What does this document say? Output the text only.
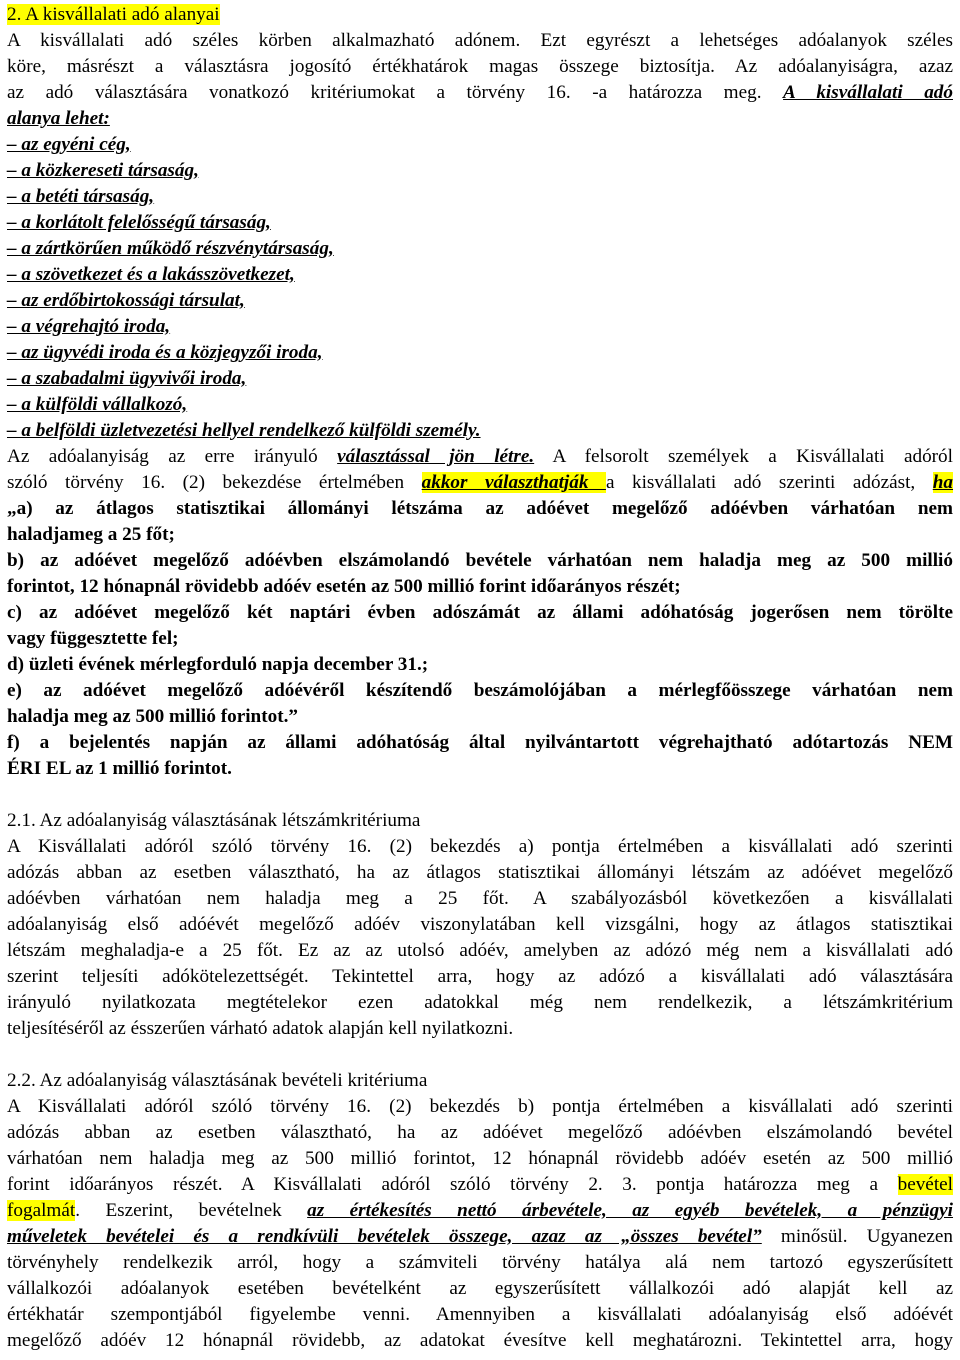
2. A kisvállalati adó alanyai

A kisvállalati adó széles körben alkalmazható adónem. Ezt egyrészt a lehetséges adóalanyok széles

köre, másrészt a választásra jogosító értékhatárok magas összege biztosítja. Az adóalanyiságra, azaz

az adó választására vonatkozó kritériumokat a törvény 16. -a határozza meg. A kisvállalati adó

alanya lehet:

– az egyéni cég,

– a közkereseti társaság,

– a betéti társaság,

– a korlátolt felelősségű társaság,

– a zártkörűen működő részvénytársaság,

– a szövetkezet és a lakásszövetkezet,

– az erdőbirtokossági társulat,

– a végrehajtó iroda,

– az ügyvédi iroda és a közjegyzői iroda,

– a szabadalmi ügyvivői iroda,

– a külföldi vállalkozó,

– a belföldi üzletvezetési hellyel rendelkező külföldi személy.

Az adóalanyiság az erre irányuló választással jön létre. A felsorolt személyek a Kisvállalati adóról

szóló törvény 16. (2) bekezdése értelmében akkor választhatják a kisvállalati adó szerinti adózást, ha

„a) az átlagos statisztikai állományi létszáma az adóévet megelőző adóévben várhatóan nem

haladjameg a 25 főt;

b) az adóévet megelőző adóévben elszámolandó bevétele várhatóan nem haladja meg az 500 millió

forintot, 12 hónapnál rövidebb adóév esetén az 500 millió forint időarányos részét;

c) az adóévet megelőző két naptári évben adószámát az állami adóhatóság jogerősen nem törölte

vagy függesztette fel;

d) üzleti évének mérlegforduló napja december 31.;

e) az adóévet megelőző adóévéről készítendő beszámolójában a mérlegfőösszege várhatóan nem

haladja meg az 500 millió forintot.”

f) a bejelentés napján az állami adóhatóság által nyilvántartott végrehajtható adótartozás NEM

ÉRI EL az 1 millió forintot.

2.1. Az adóalanyiság választásának létszámkritériuma

A Kisvállalati adóról szóló törvény 16. (2) bekezdés a) pontja értelmében a kisvállalati adó szerinti

adózás abban az esetben választható, ha az átlagos statisztikai állományi létszám az adóévet megelőző

adóévben várhatóan nem haladja meg a 25 főt. A szabályozásból következően a kisvállalati

adóalanyiság első adóévét megelőző adóév viszonylatában kell vizsgálni, hogy az átlagos statisztikai

létszám meghaladja-e a 25 főt. Ez az az utolsó adóév, amelyben az adózó még nem a kisvállalati adó

szerint teljesíti adókötelezettségét. Tekintettel arra, hogy az adózó a kisvállalati adó választására

irányuló nyilatkozata megtételekor ezen adatokkal még nem rendelkezik, a létszámkritérium

teljesítéséről az ésszerűen várható adatok alapján kell nyilatkozni.

2.2. Az adóalanyiság választásának bevételi kritériuma

A Kisvállalati adóról szóló törvény 16. (2) bekezdés b) pontja értelmében a kisvállalati adó szerinti

adózás abban az esetben választható, ha az adóévet megelőző adóévben elszámolandó bevétel

várhatóan nem haladja meg az 500 millió forintot, 12 hónapnál rövidebb adóév esetén az 500 millió

forint időarányos részét. A Kisvállalati adóról szóló törvény 2. 3. pontja határozza meg a bevétel

fogalmát. Eszerint, bevételnek az értékesítés nettó árbevétele, az egyéb bevételek, a pénzügyi

műveletek bevételei és a rendkívüli bevételek összege, azaz az „összes bevétel” minősül. Ugyanezen

törvényhely rendelkezik arról, hogy a számviteli törvény hatálya alá nem tartozó egyszerűsített

vállalkozói adóalanyok esetében bevételként az egyszerűsített vállalkozói adó alapját kell az

értékhatár szempontjából figyelembe venni. Amennyiben a kisvállalati adóalanyiság első adóévét

megelőző adóév 12 hónapnál rövidebb, az adatokat évesítve kell meghatározni. Tekintettel arra, hogy
